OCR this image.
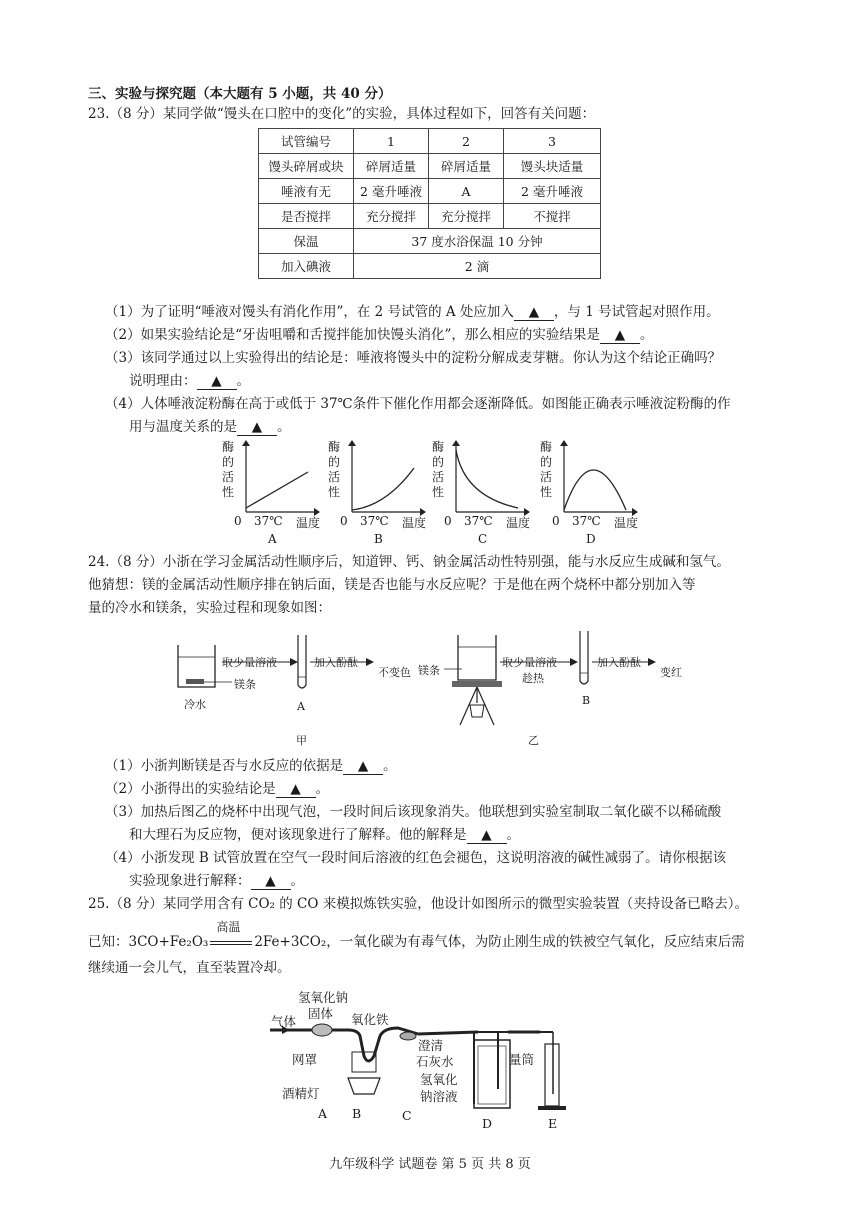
三、实验与探究题（本大题有 5 小题，共 40 分）
23.（8 分）某同学做“馒头在口腔中的变化”的实验，具体过程如下，回答有关问题：
试管编号	1	2	3
馒头碎屑或块	碎屑适量	碎屑适量	馒头块适量
唾液有无	2 毫升唾液	A	2 毫升唾液
是否搅拌	充分搅拌	充分搅拌	不搅拌
保温	37 度水浴保温 10 分钟		
加入碘液	2 滴		
（1）为了证明“唾液对馒头有消化作用”，在 2 号试管的 A 处应加入 ▲ ，与 1 号试管起对照作用。
（2）如果实验结论是“牙齿咀嚼和舌搅拌能加快馒头消化”，那么相应的实验结果是 ▲ 。
（3）该同学通过以上实验得出的结论是：唾液将馒头中的淀粉分解成麦芽糖。你认为这个结论正确吗？
说明理由： ▲ 。
（4）人体唾液淀粉酶在高于或低于 37℃条件下催化作用都会逐渐降低。如图能正确表示唾液淀粉酶的作
用与温度关系的是 ▲ 。
酶
的
活
性
0 37℃ 温度
A
酶
的
活
性
0 37℃ 温度
B
酶
的
活
性
0 37℃ 温度
C
酶
的
活
性
0 37℃ 温度
D
24.（8 分）小浙在学习金属活动性顺序后，知道钾、钙、钠金属活动性特别强，能与水反应生成碱和氢气。
他猜想：镁的金属活动性顺序排在钠后面，镁是否也能与水反应呢？于是他在两个烧杯中都分别加入等
量的冷水和镁条，实验过程和现象如图：
取少量溶液	加入酚酞
不变色
镁条
冷水	A
甲
镁条
取少量溶液
趁热
加入酚酞
变红
B
乙
（1）小浙判断镁是否与水反应的依据是 ▲ 。
（2）小浙得出的实验结论是 ▲ 。
（3）加热后图乙的烧杯中出现气泡，一段时间后该现象消失。他联想到实验室制取二氧化碳不以稀硫酸
和大理石为反应物，便对该现象进行了解释。他的解释是 ▲ 。
（4）小浙发现 B 试管放置在空气一段时间后溶液的红色会褪色，这说明溶液的碱性减弱了。请你根据该
实验现象进行解释： ▲ 。
25.（8 分）某同学用含有 CO₂ 的 CO 来模拟炼铁实验，他设计如图所示的微型实验装置（夹持设备已略去）。
已知：3CO+Fe₂O₃
高温
2Fe+3CO₂，一氧化碳为有毒气体，为防止刚生成的铁被空气氧化，反应结束后需
继续通一会儿气，直至装置冷却。
氢氧化钠
固体
气体	氧化铁
网罩
酒精灯
澄清
石灰水
氢氧化
钠溶液
量筒
A B	C
D	E
九年级科学 试题卷 第 5 页 共 8 页
